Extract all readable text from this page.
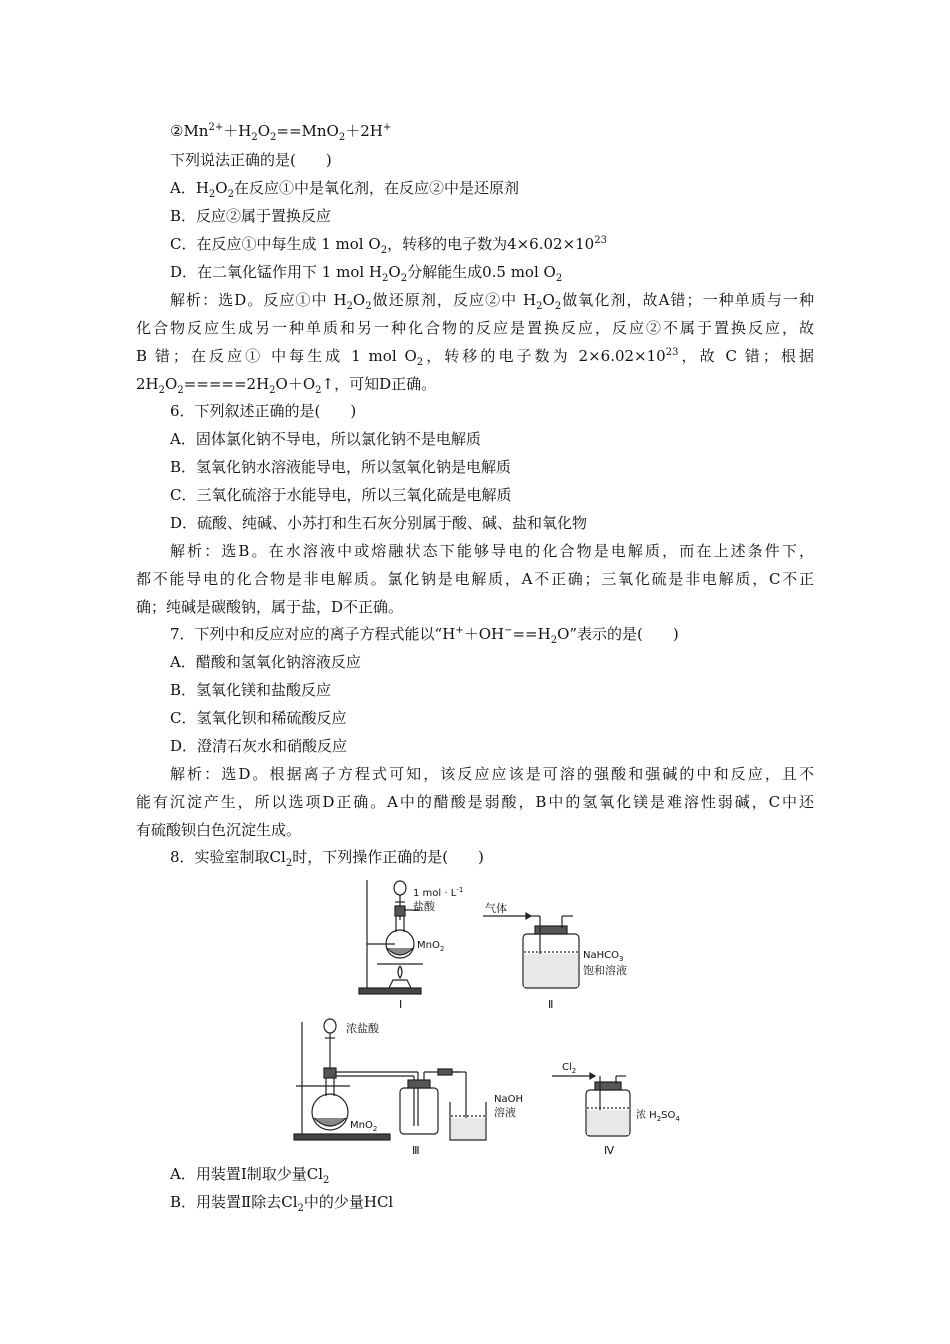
$②Mn^{2+}+H_2O_2==MnO_2+2H^+$
下列说法正确的是(　　)
A．$H_2O_2$在反应①中是氧化剂，在反应②中是还原剂
B．反应②属于置换反应
C．在反应①中每生成 1 mol $O_2$，转移的电子数为$4\times 6.02\times 10^{23}$
D．在二氧化锰作用下 1 mol $H_2O_2$分解能生成0.5 mol $O_2$
解析：选D。反应①中 $H_2O_2$做还原剂，反应②中 $H_2O_2$做氧化剂，故A错；一种单质与一种
化合物反应生成另一种单质和另一种化合物的反应是置换反应，反应②不属于置换反应，故
B 错；在反应① 中每生成 1 mol $O_2$，转移的电子数为 $2\times 6.02\times 10^{23}$，故 C 错；根据
$2H_2O_2=====2H_2O+O_2↑$，可知D正确。
6．下列叙述正确的是(　　)
A．固体氯化钠不导电，所以氯化钠不是电解质
B．氢氧化钠水溶液能导电，所以氢氧化钠是电解质
C．三氧化硫溶于水能导电，所以三氧化硫是电解质
D．硫酸、纯碱、小苏打和生石灰分别属于酸、碱、盐和氧化物
解析：选B。在水溶液中或熔融状态下能够导电的化合物是电解质，而在上述条件下，
都不能导电的化合物是非电解质。氯化钠是电解质，A不正确；三氧化硫是非电解质，C不正
确；纯碱是碳酸钠，属于盐，D不正确。
7．下列中和反应对应的离子方程式能以“$H^++OH^-==H_2O$”表示的是(　　)
A．醋酸和氢氧化钠溶液反应
B．氢氧化镁和盐酸反应
C．氢氧化钡和稀硫酸反应
D．澄清石灰水和硝酸反应
解析：选D。根据离子方程式可知，该反应应该是可溶的强酸和强碱的中和反应，且不
能有沉淀产生，所以选项D正确。A中的醋酸是弱酸，B中的氢氧化镁是难溶性弱碱，C中还
有硫酸钡白色沉淀生成。
8．实验室制取$Cl_2$时，下列操作正确的是(　　)
1 mol · $L^{-1}$
盐酸
MnO$_2$
Ⅰ
气体
NaHCO$_3$
饱和溶液
Ⅱ
浓盐酸
MnO$_2$
NaOH
溶液
Ⅲ
$Cl_2$
浓 $H_2SO_4$
Ⅳ
A．用装置Ⅰ制取少量$Cl_2$
B．用装置Ⅱ除去$Cl_2$中的少量HCl
